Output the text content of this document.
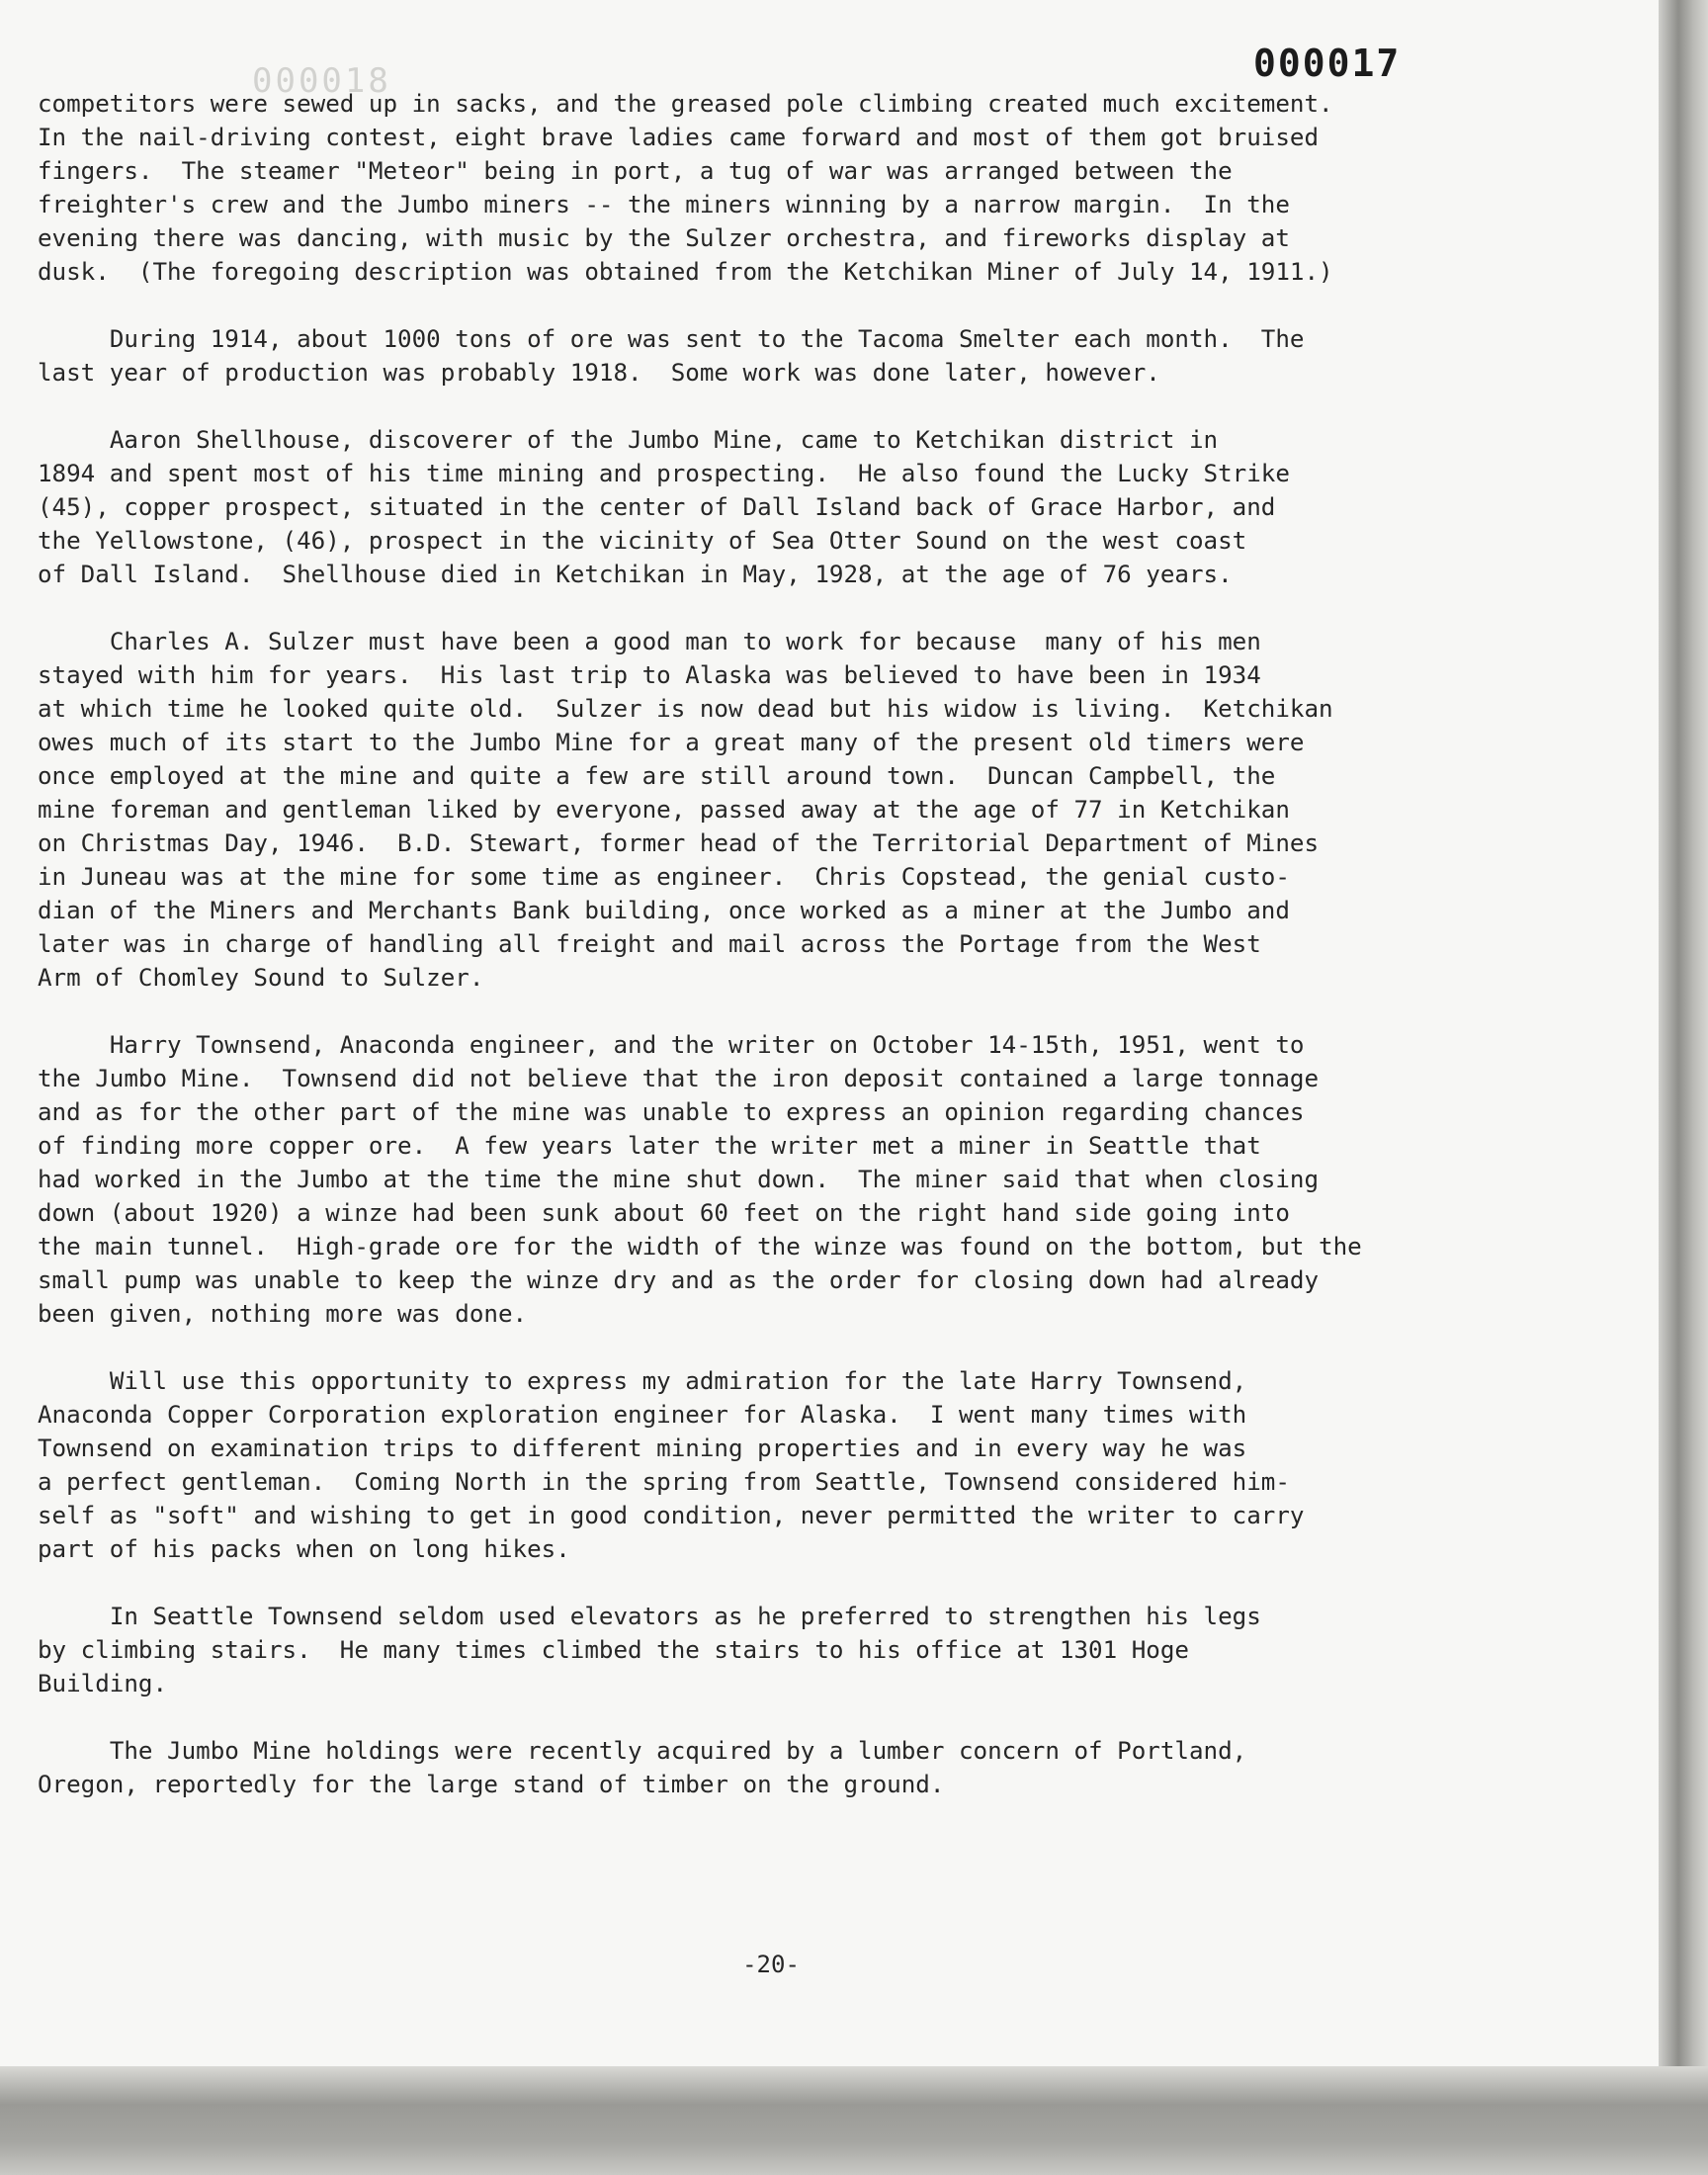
000018	000017

competitors were sewed up in sacks, and the greased pole climbing created much excitement.
In the nail-driving contest, eight brave ladies came forward and most of them got bruised
fingers.  The steamer "Meteor" being in port, a tug of war was arranged between the
freighter's crew and the Jumbo miners -- the miners winning by a narrow margin.  In the
evening there was dancing, with music by the Sulzer orchestra, and fireworks display at
dusk.  (The foregoing description was obtained from the Ketchikan Miner of July 14, 1911.)

During 1914, about 1000 tons of ore was sent to the Tacoma Smelter each month.  The
last year of production was probably 1918.  Some work was done later, however.

Aaron Shellhouse, discoverer of the Jumbo Mine, came to Ketchikan district in
1894 and spent most of his time mining and prospecting.  He also found the Lucky Strike
(45), copper prospect, situated in the center of Dall Island back of Grace Harbor, and
the Yellowstone, (46), prospect in the vicinity of Sea Otter Sound on the west coast
of Dall Island.  Shellhouse died in Ketchikan in May, 1928, at the age of 76 years.

Charles A. Sulzer must have been a good man to work for because  many of his men
stayed with him for years.  His last trip to Alaska was believed to have been in 1934
at which time he looked quite old.  Sulzer is now dead but his widow is living.  Ketchikan
owes much of its start to the Jumbo Mine for a great many of the present old timers were
once employed at the mine and quite a few are still around town.  Duncan Campbell, the
mine foreman and gentleman liked by everyone, passed away at the age of 77 in Ketchikan
on Christmas Day, 1946.  B.D. Stewart, former head of the Territorial Department of Mines
in Juneau was at the mine for some time as engineer.  Chris Copstead, the genial custo-
dian of the Miners and Merchants Bank building, once worked as a miner at the Jumbo and
later was in charge of handling all freight and mail across the Portage from the West
Arm of Chomley Sound to Sulzer.

Harry Townsend, Anaconda engineer, and the writer on October 14-15th, 1951, went to
the Jumbo Mine.  Townsend did not believe that the iron deposit contained a large tonnage
and as for the other part of the mine was unable to express an opinion regarding chances
of finding more copper ore.  A few years later the writer met a miner in Seattle that
had worked in the Jumbo at the time the mine shut down.  The miner said that when closing
down (about 1920) a winze had been sunk about 60 feet on the right hand side going into
the main tunnel.  High-grade ore for the width of the winze was found on the bottom, but the
small pump was unable to keep the winze dry and as the order for closing down had already
been given, nothing more was done.

Will use this opportunity to express my admiration for the late Harry Townsend,
Anaconda Copper Corporation exploration engineer for Alaska.  I went many times with
Townsend on examination trips to different mining properties and in every way he was
a perfect gentleman.  Coming North in the spring from Seattle, Townsend considered him-
self as "soft" and wishing to get in good condition, never permitted the writer to carry
part of his packs when on long hikes.

In Seattle Townsend seldom used elevators as he preferred to strengthen his legs
by climbing stairs.  He many times climbed the stairs to his office at 1301 Hoge
Building.

The Jumbo Mine holdings were recently acquired by a lumber concern of Portland,
Oregon, reportedly for the large stand of timber on the ground.

-20-
